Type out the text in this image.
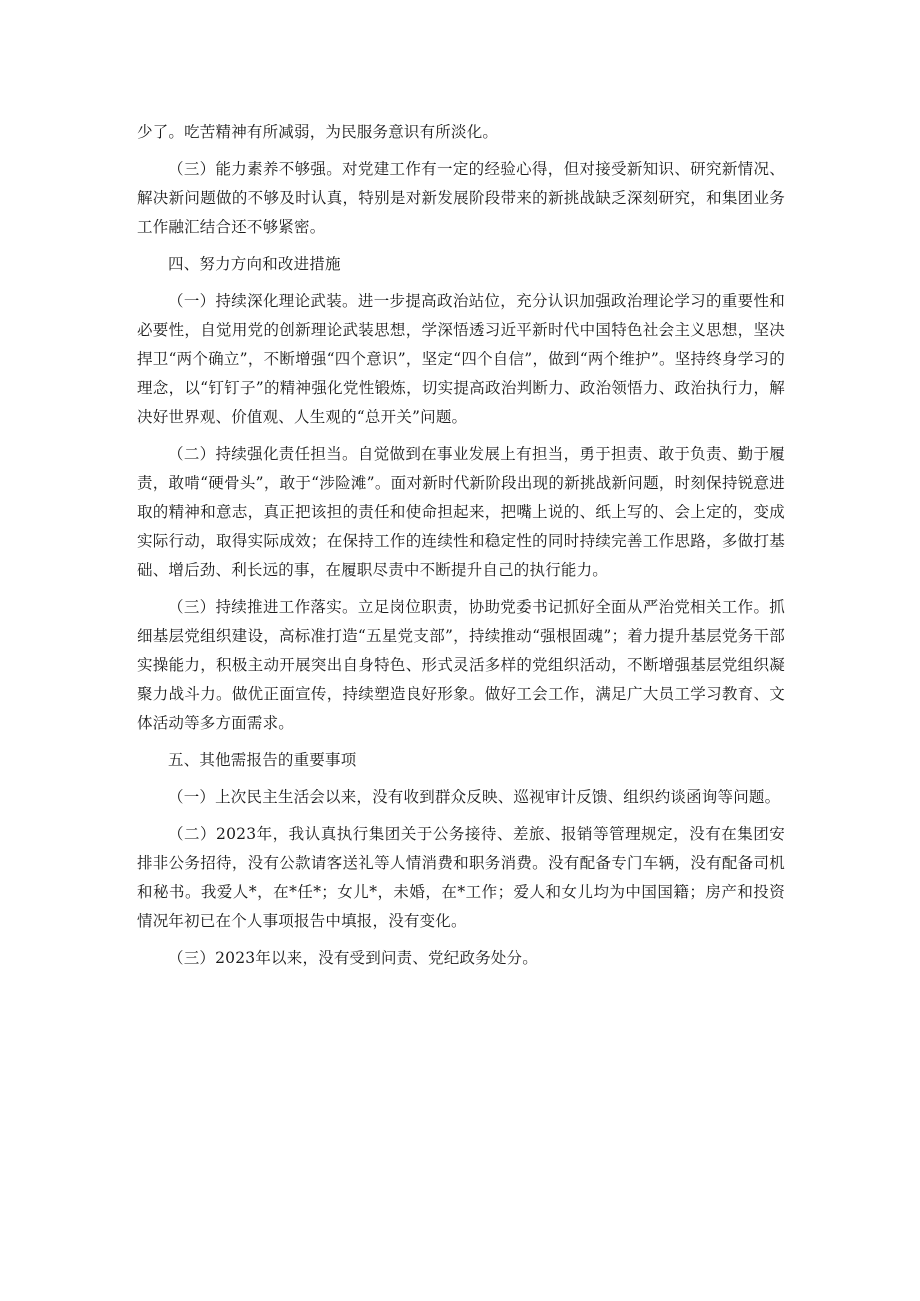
少了。吃苦精神有所减弱，为民服务意识有所淡化。

（三）能力素养不够强。对党建工作有一定的经验心得，但对接受新知识、研究新情况、解决新问题做的不够及时认真，特别是对新发展阶段带来的新挑战缺乏深刻研究，和集团业务工作融汇结合还不够紧密。

四、努力方向和改进措施

（一）持续深化理论武装。进一步提高政治站位，充分认识加强政治理论学习的重要性和必要性，自觉用党的创新理论武装思想，学深悟透习近平新时代中国特色社会主义思想，坚决捍卫“两个确立”，不断增强“四个意识”，坚定“四个自信”，做到“两个维护”。坚持终身学习的理念，以“钉钉子”的精神强化党性锻炼，切实提高政治判断力、政治领悟力、政治执行力，解决好世界观、价值观、人生观的“总开关”问题。

（二）持续强化责任担当。自觉做到在事业发展上有担当，勇于担责、敢于负责、勤于履责，敢啃“硬骨头”，敢于“涉险滩”。面对新时代新阶段出现的新挑战新问题，时刻保持锐意进取的精神和意志，真正把该担的责任和使命担起来，把嘴上说的、纸上写的、会上定的，变成实际行动，取得实际成效；在保持工作的连续性和稳定性的同时持续完善工作思路，多做打基础、增后劲、利长远的事，在履职尽责中不断提升自己的执行能力。

（三）持续推进工作落实。立足岗位职责，协助党委书记抓好全面从严治党相关工作。抓细基层党组织建设，高标准打造“五星党支部”，持续推动“强根固魂”；着力提升基层党务干部实操能力，积极主动开展突出自身特色、形式灵活多样的党组织活动，不断增强基层党组织凝聚力战斗力。做优正面宣传，持续塑造良好形象。做好工会工作，满足广大员工学习教育、文体活动等多方面需求。

五、其他需报告的重要事项

（一）上次民主生活会以来，没有收到群众反映、巡视审计反馈、组织约谈函询等问题。

（二）2023年，我认真执行集团关于公务接待、差旅、报销等管理规定，没有在集团安排非公务招待，没有公款请客送礼等人情消费和职务消费。没有配备专门车辆，没有配备司机和秘书。我爱人*，在*任*；女儿*，未婚，在*工作；爱人和女儿均为中国国籍；房产和投资情况年初已在个人事项报告中填报，没有变化。

（三）2023年以来，没有受到问责、党纪政务处分。
